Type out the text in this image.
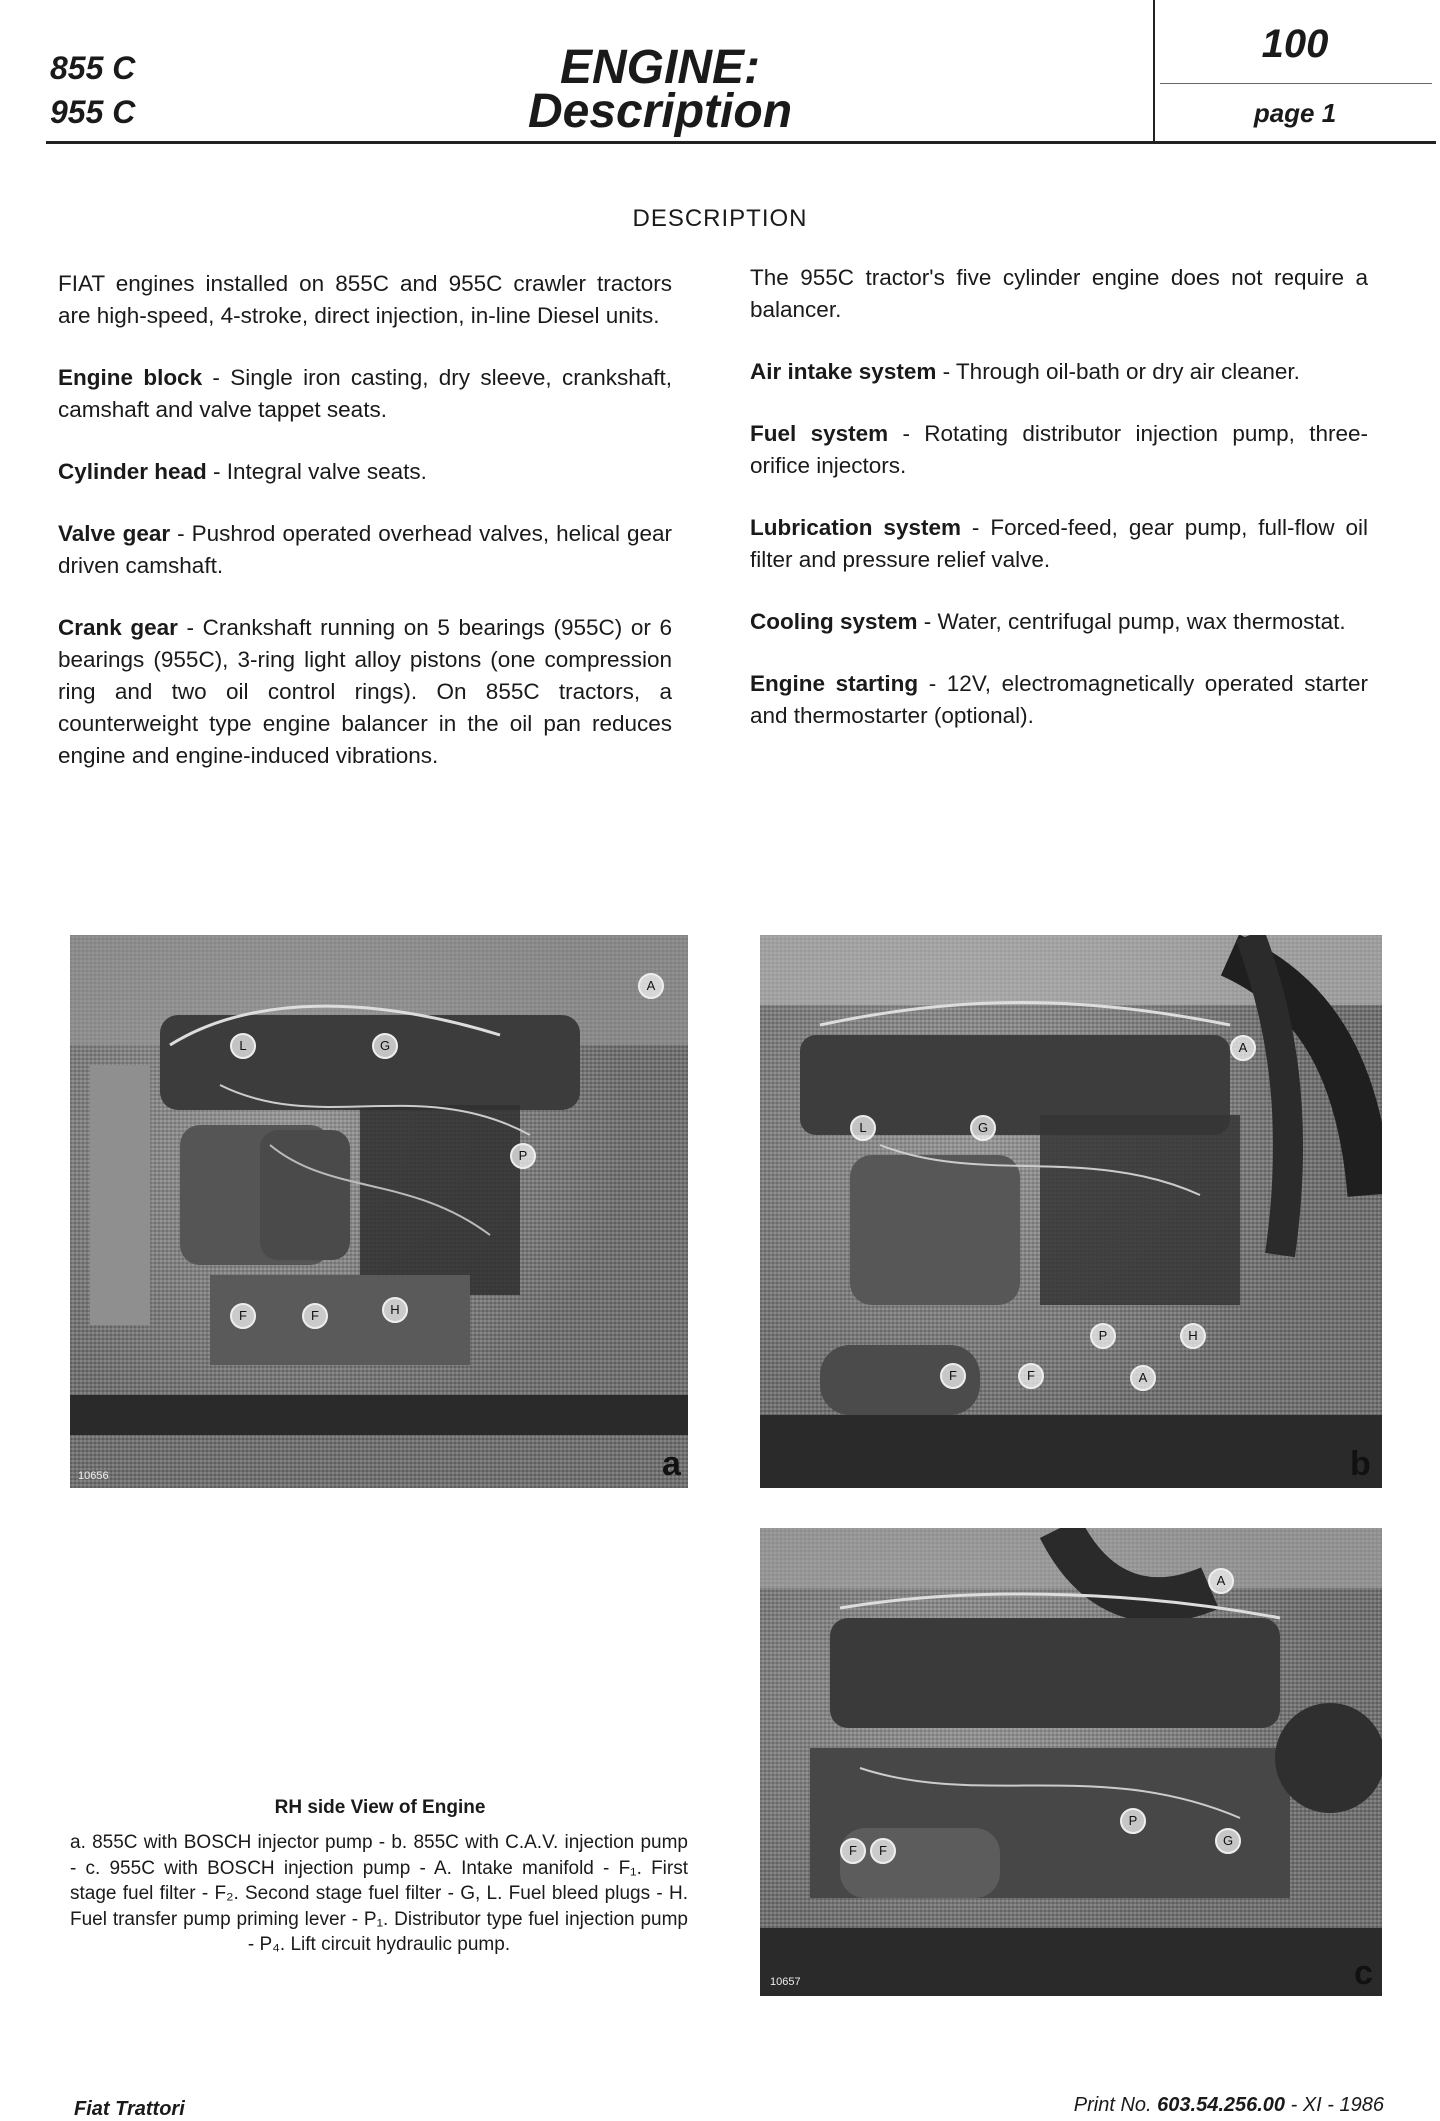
855 C
955 C
ENGINE:
Description
100
page 1
DESCRIPTION

FIAT engines installed on 855C and 955C crawler tractors are high-speed, 4-stroke, direct injection, in-line Diesel units.

Engine block - Single iron casting, dry sleeve, crankshaft, camshaft and valve tappet seats.

Cylinder head - Integral valve seats.

Valve gear - Pushrod operated overhead valves, helical gear driven camshaft.

Crank gear - Crankshaft running on 5 bearings (955C) or 6 bearings (955C), 3-ring light alloy pistons (one compression ring and two oil control rings). On 855C tractors, a counterweight type engine balancer in the oil pan reduces engine and engine-induced vibrations.

The 955C tractor's five cylinder engine does not require a balancer.

Air intake system - Through oil-bath or dry air cleaner.

Fuel system - Rotating distributor injection pump, three-orifice injectors.

Lubrication system - Forced-feed, gear pump, full-flow oil filter and pressure relief valve.

Cooling system - Water, centrifugal pump, wax thermostat.

Engine starting - 12V, electromagnetically operated starter and thermostarter (optional).

L	G
A
P
F	F	H
10656	a
L	G
A
F	F
P	H
A
b
A
F	F
P
G
10657	c
RH side View of Engine
a. 855C with BOSCH injector pump - b. 855C with C.A.V. injection pump - c. 955C with BOSCH injection pump - A. Intake manifold - F₁. First stage fuel filter - F₂. Second stage fuel filter - G, L. Fuel bleed plugs - H. Fuel transfer pump priming lever - P₁. Distributor type fuel injection pump - P₄. Lift circuit hydraulic pump.
Fiat Trattori	Print No. 603.54.256.00 - XI - 1986
